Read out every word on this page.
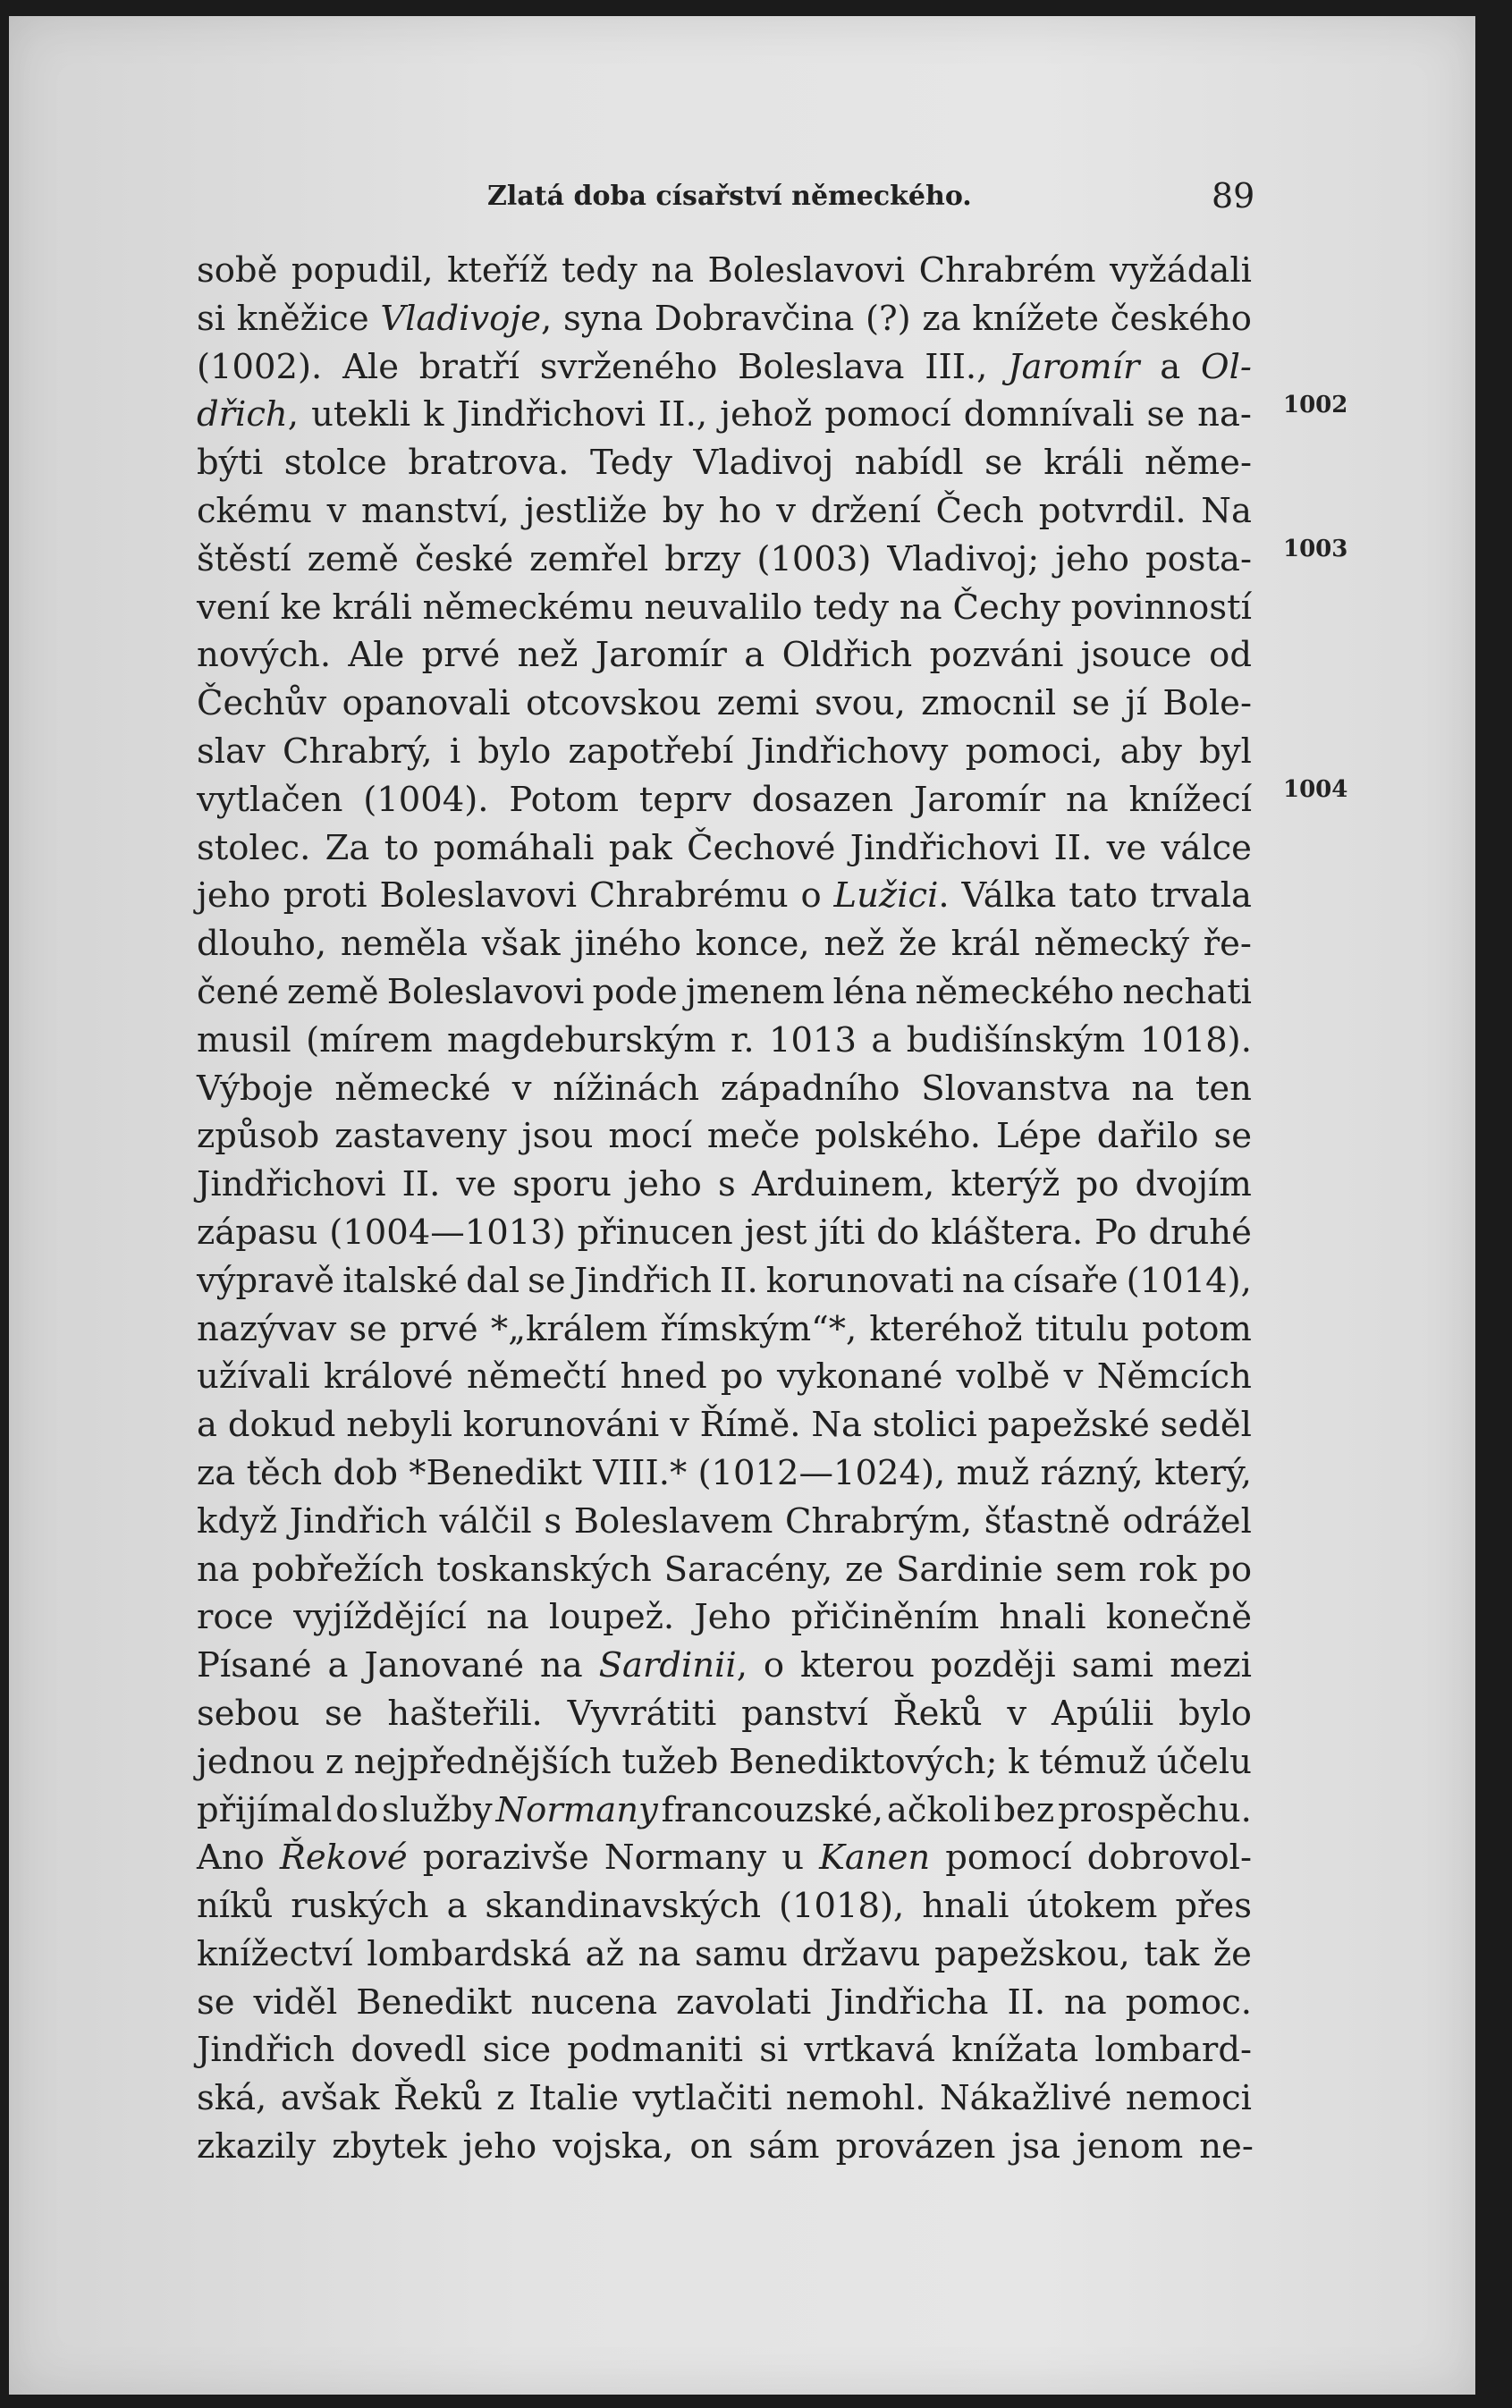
Zlatá doba císařství německého.	89
1002
1003
1004
sobě popudil, kteříž tedy na Boleslavovi Chrabrém vyžádali
si kněžice Vladivoje, syna Dobravčina (?) za knížete českého
(1002). Ale bratří svrženého Boleslava III., Jaromír a Ol-
dřich, utekli k Jindřichovi II., jehož pomocí domnívali se na-
býti stolce bratrova. Tedy Vladivoj nabídl se králi něme-
ckému v manství, jestliže by ho v držení Čech potvrdil. Na
štěstí země české zemřel brzy (1003) Vladivoj; jeho posta-
vení ke králi německému neuvalilo tedy na Čechy povinností
nových. Ale prvé než Jaromír a Oldřich pozváni jsouce od
Čechův opanovali otcovskou zemi svou, zmocnil se jí Bole-
slav Chrabrý, i bylo zapotřebí Jindřichovy pomoci, aby byl
vytlačen (1004). Potom teprv dosazen Jaromír na knížecí
stolec. Za to pomáhali pak Čechové Jindřichovi II. ve válce
jeho proti Boleslavovi Chrabrému o Lužici. Válka tato trvala
dlouho, neměla však jiného konce, než že král německý ře-
čené země Boleslavovi pode jmenem léna německého nechati
musil (mírem magdeburským r. 1013 a budišínským 1018).
Výboje německé v nížinách západního Slovanstva na ten
způsob zastaveny jsou mocí meče polského. Lépe dařilo se
Jindřichovi II. ve sporu jeho s Arduinem, kterýž po dvojím
zápasu (1004—1013) přinucen jest jíti do kláštera. Po druhé
výpravě italské dal se Jindřich II. korunovati na císaře (1014),
nazývav se prvé *„králem římským“*, kteréhož titulu potom
užívali králové němečtí hned po vykonané volbě v Němcích
a dokud nebyli korunováni v Římě. Na stolici papežské seděl
za těch dob *Benedikt VIII.* (1012—1024), muž rázný, který,
když Jindřich válčil s Boleslavem Chrabrým, šťastně odrážel
na pobřežích toskanských Saracény, ze Sardinie sem rok po
roce vyjíždějící na loupež. Jeho přičiněním hnali konečně
Písané a Janované na Sardinii, o kterou později sami mezi
sebou se hašteřili. Vyvrátiti panství Řeků v Apúlii bylo
jednou z nejpřednějších tužeb Benediktových; k témuž účelu
přijímal do služby Normany francouzské, ačkoli bez prospěchu.
Ano Řekové porazivše Normany u Kanen pomocí dobrovol-
níků ruských a skandinavských (1018), hnali útokem přes
knížectví lombardská až na samu državu papežskou, tak že
se viděl Benedikt nucena zavolati Jindřicha II. na pomoc.
Jindřich dovedl sice podmaniti si vrtkavá knížata lombard-
ská, avšak Řeků z Italie vytlačiti nemohl. Nákažlivé nemoci
zkazily zbytek jeho vojska, on sám provázen jsa jenom ne-
